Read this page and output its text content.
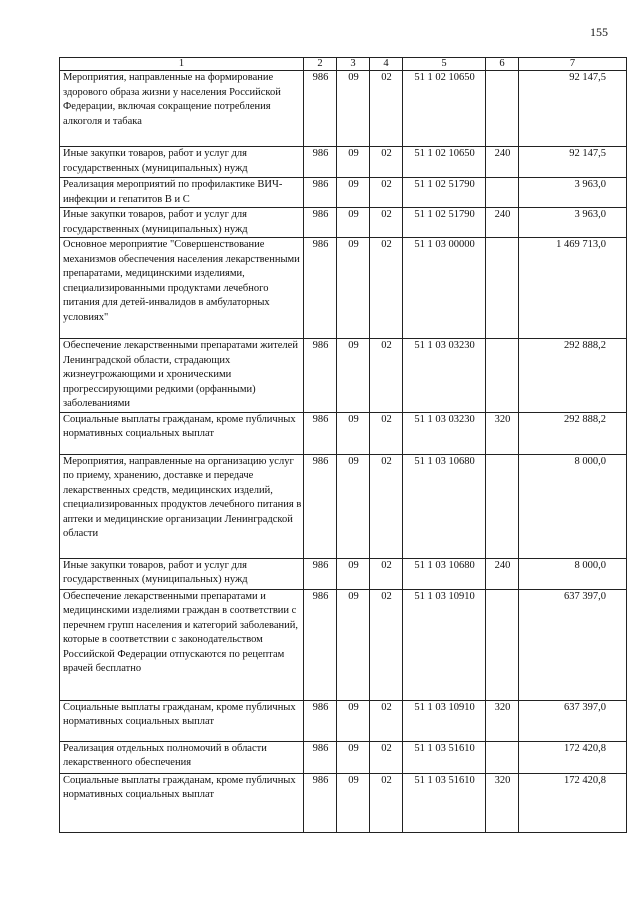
155
1	2	3	4	5	6	7
Мероприятия, направленные на формирование здорового образа жизни у населения Российской Федерации, включая сокращение потребления алкоголя и табака	986	09	02	51 1 02 10650		92 147,5
Иные закупки товаров, работ и услуг для государственных (муниципальных) нужд	986	09	02	51 1 02 10650	240	92 147,5
Реализация мероприятий по профилактике ВИЧ-инфекции и гепатитов В и С	986	09	02	51 1 02 51790		3 963,0
Иные закупки товаров, работ и услуг для государственных (муниципальных) нужд	986	09	02	51 1 02 51790	240	3 963,0
Основное мероприятие "Совершенствование механизмов обеспечения населения лекарственными препаратами, медицинскими изделиями, специализированными продуктами лечебного питания для детей-инвалидов в амбулаторных условиях"	986	09	02	51 1 03 00000		1 469 713,0
Обеспечение лекарственными препаратами жителей Ленинградской области, страдающих жизнеугрожающими и хроническими прогрессирующими редкими (орфанными) заболеваниями	986	09	02	51 1 03 03230		292 888,2
Социальные выплаты гражданам, кроме публичных нормативных социальных выплат	986	09	02	51 1 03 03230	320	292 888,2
Мероприятия, направленные на организацию услуг по приему, хранению, доставке и передаче лекарственных средств, медицинских изделий, специализированных продуктов лечебного питания в аптеки и медицинские организации Ленинградской области	986	09	02	51 1 03 10680		8 000,0
Иные закупки товаров, работ и услуг для государственных (муниципальных) нужд	986	09	02	51 1 03 10680	240	8 000,0
Обеспечение лекарственными препаратами и медицинскими изделиями граждан в соответствии с перечнем групп населения и категорий заболеваний, которые в соответствии с законодательством Российской Федерации отпускаются по рецептам врачей бесплатно	986	09	02	51 1 03 10910		637 397,0
Социальные выплаты гражданам, кроме публичных нормативных социальных выплат	986	09	02	51 1 03 10910	320	637 397,0
Реализация отдельных полномочий в области лекарственного обеспечения	986	09	02	51 1 03 51610		172 420,8
Социальные выплаты гражданам, кроме публичных нормативных социальных выплат	986	09	02	51 1 03 51610	320	172 420,8
